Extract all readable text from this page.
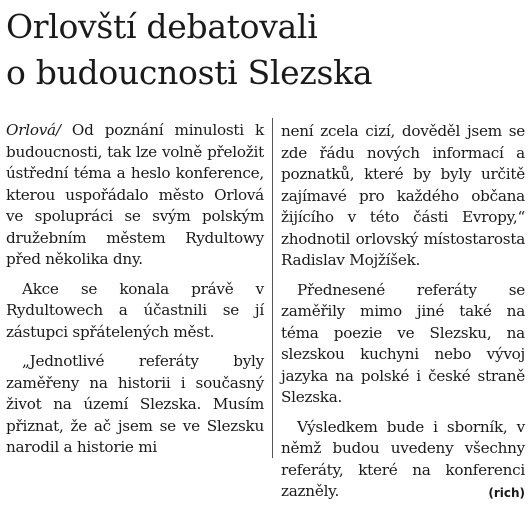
Orlovští debatovali
o budoucnosti Slezska

Orlová/ Od poznání minulosti k budoucnosti, tak lze volně přeložit ústřední téma a heslo konference, kterou uspořádalo město Orlová ve spolupráci se svým polským družebním městem Rydultowy před několika dny.

Akce se konala právě v Rydultowech a účastnili se jí zástupci spřátelených měst.

„Jednotlivé referáty byly zaměřeny na historii i současný život na území Slezska. Musím přiznat, že ač jsem se ve Slezsku narodil a historie mi

není zcela cizí, dověděl jsem se zde řádu nových informací a poznatků, které by byly určitě zajímavé pro každého občana žijícího v této části Evropy,“ zhodnotil orlovský místostarosta Radislav Mojžíšek.

Přednesené referáty se zaměřily mimo jiné také na téma poezie ve Slezsku, na slezskou kuchyni nebo vývoj jazyka na polské i české straně Slezska.

Výsledkem bude i sborník, v němž budou uvedeny všechny referáty, které na konferenci zazněly.	(rich)
